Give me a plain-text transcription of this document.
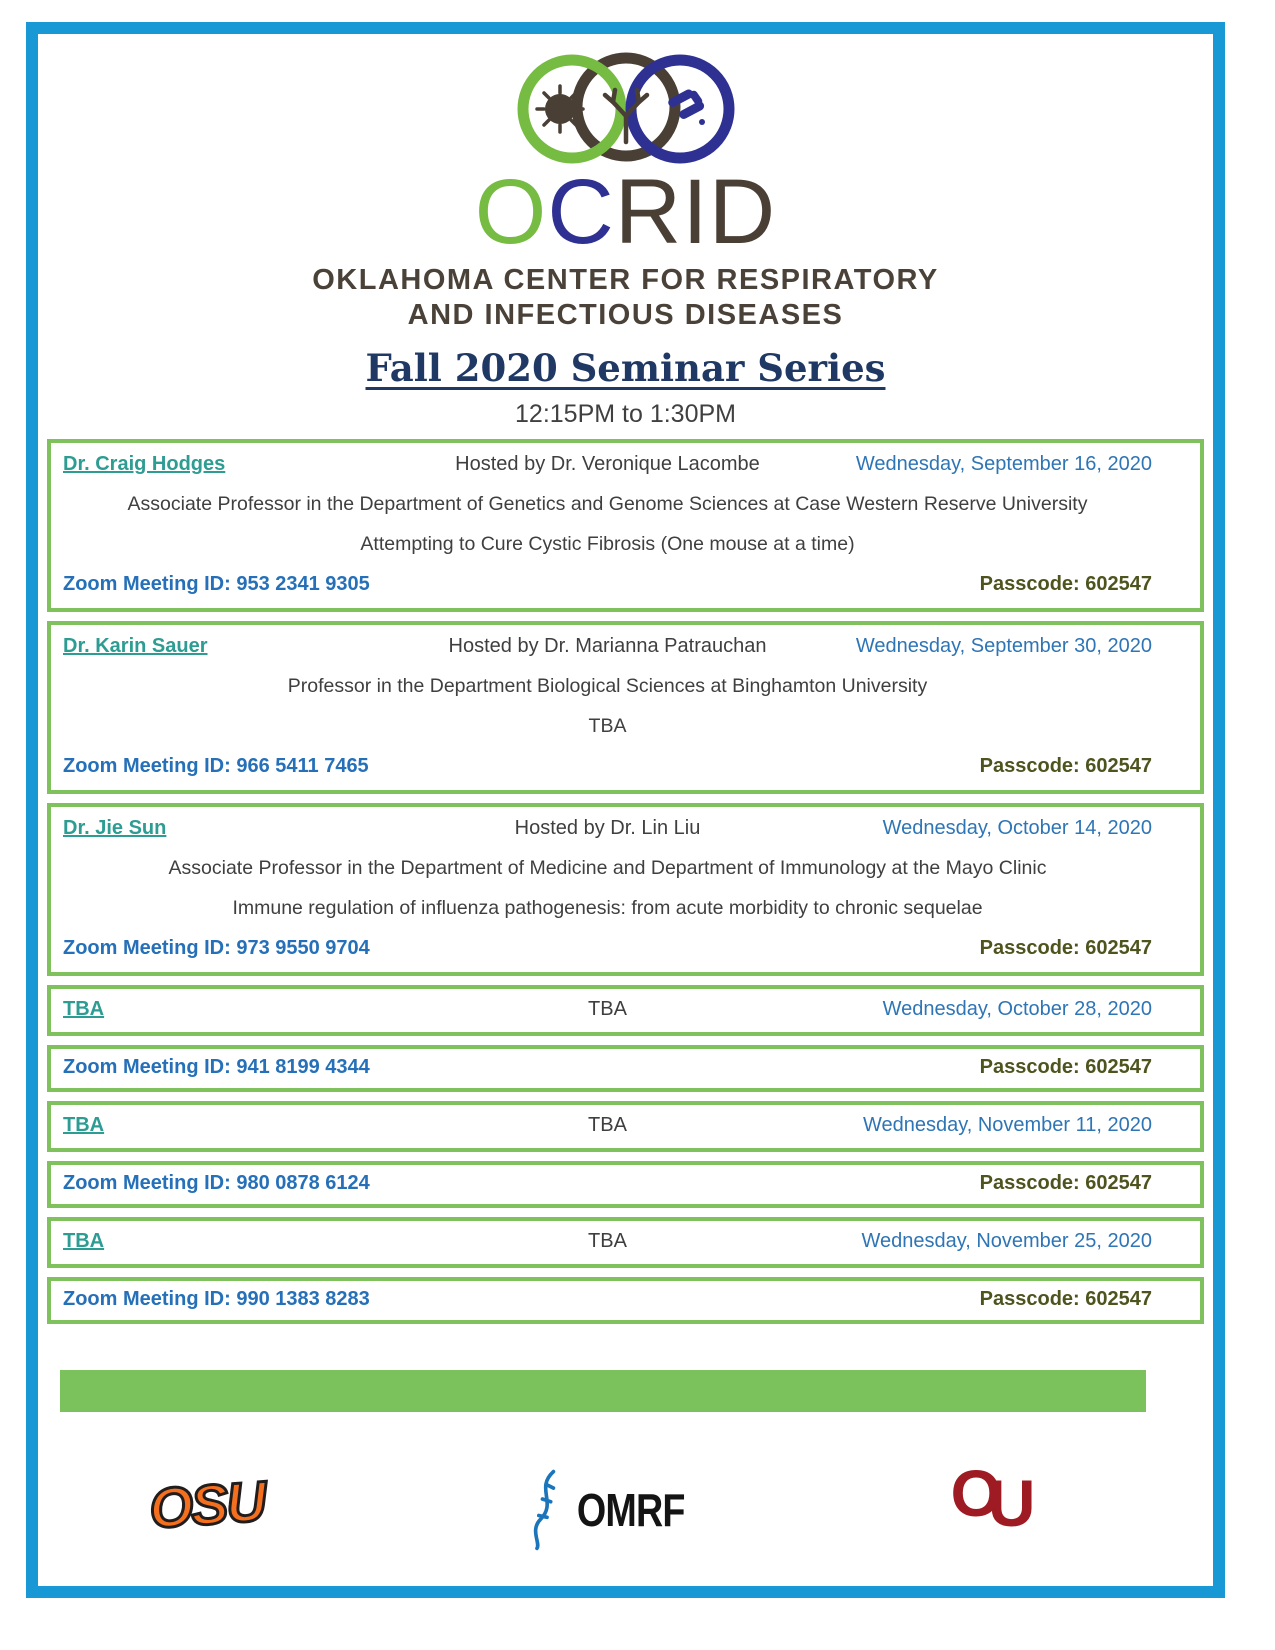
OCRID
OKLAHOMA CENTER FOR RESPIRATORY
AND INFECTIOUS DISEASES
Fall 2020 Seminar Series
12:15PM to 1:30PM
Dr. Craig Hodges	Hosted by Dr. Veronique Lacombe	Wednesday, September 16, 2020
Associate Professor in the Department of Genetics and Genome Sciences at Case Western Reserve University
Attempting to Cure Cystic Fibrosis (One mouse at a time)
Zoom Meeting ID: 953 2341 9305	Passcode: 602547
Dr. Karin Sauer	Hosted by Dr. Marianna Patrauchan	Wednesday, September 30, 2020
Professor in the Department Biological Sciences at Binghamton University
TBA
Zoom Meeting ID: 966 5411 7465	Passcode: 602547
Dr. Jie Sun	Hosted by Dr. Lin Liu	Wednesday, October 14, 2020
Associate Professor in the Department of Medicine and Department of Immunology at the Mayo Clinic
Immune regulation of influenza pathogenesis: from acute morbidity to chronic sequelae
Zoom Meeting ID: 973 9550 9704	Passcode: 602547
TBA	TBA	Wednesday, October 28, 2020
Zoom Meeting ID: 941 8199 4344	Passcode: 602547
TBA	TBA	Wednesday, November 11, 2020
Zoom Meeting ID: 980 0878 6124	Passcode: 602547
TBA	TBA	Wednesday, November 25, 2020
Zoom Meeting ID: 990 1383 8283	Passcode: 602547
OSU	OMRF	OU
